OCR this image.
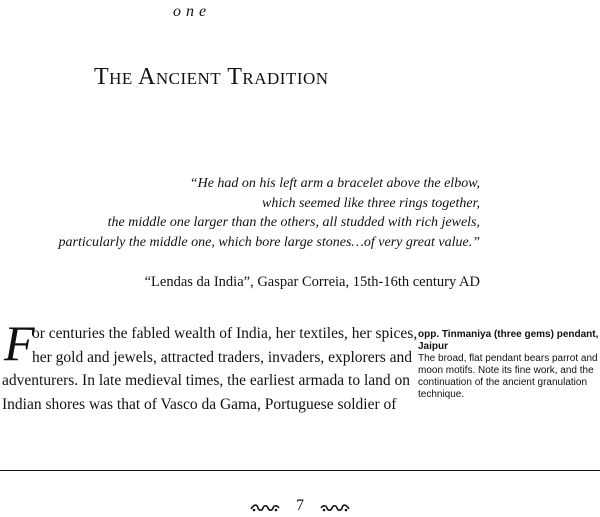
one
The Ancient Tradition
“He had on his left arm a bracelet above the elbow,
which seemed like three rings together,
the middle one larger than the others, all studded with rich jewels,
particularly the middle one, which bore large stones…of very great value.”
“Lendas da India”, Gaspar Correia, 15th-16th century AD
F
or centuries the fabled wealth of India, her textiles, her spices,
her gold and jewels, attracted traders, invaders, explorers and
adventurers. In late medieval times, the earliest armada to land on
Indian shores was that of Vasco da Gama, Portuguese soldier of
opp. Tinmaniya (three gems) pendant, Jaipur
The broad, flat pendant bears parrot and moon motifs. Note its fine work, and the continuation of the ancient granulation technique.
7
